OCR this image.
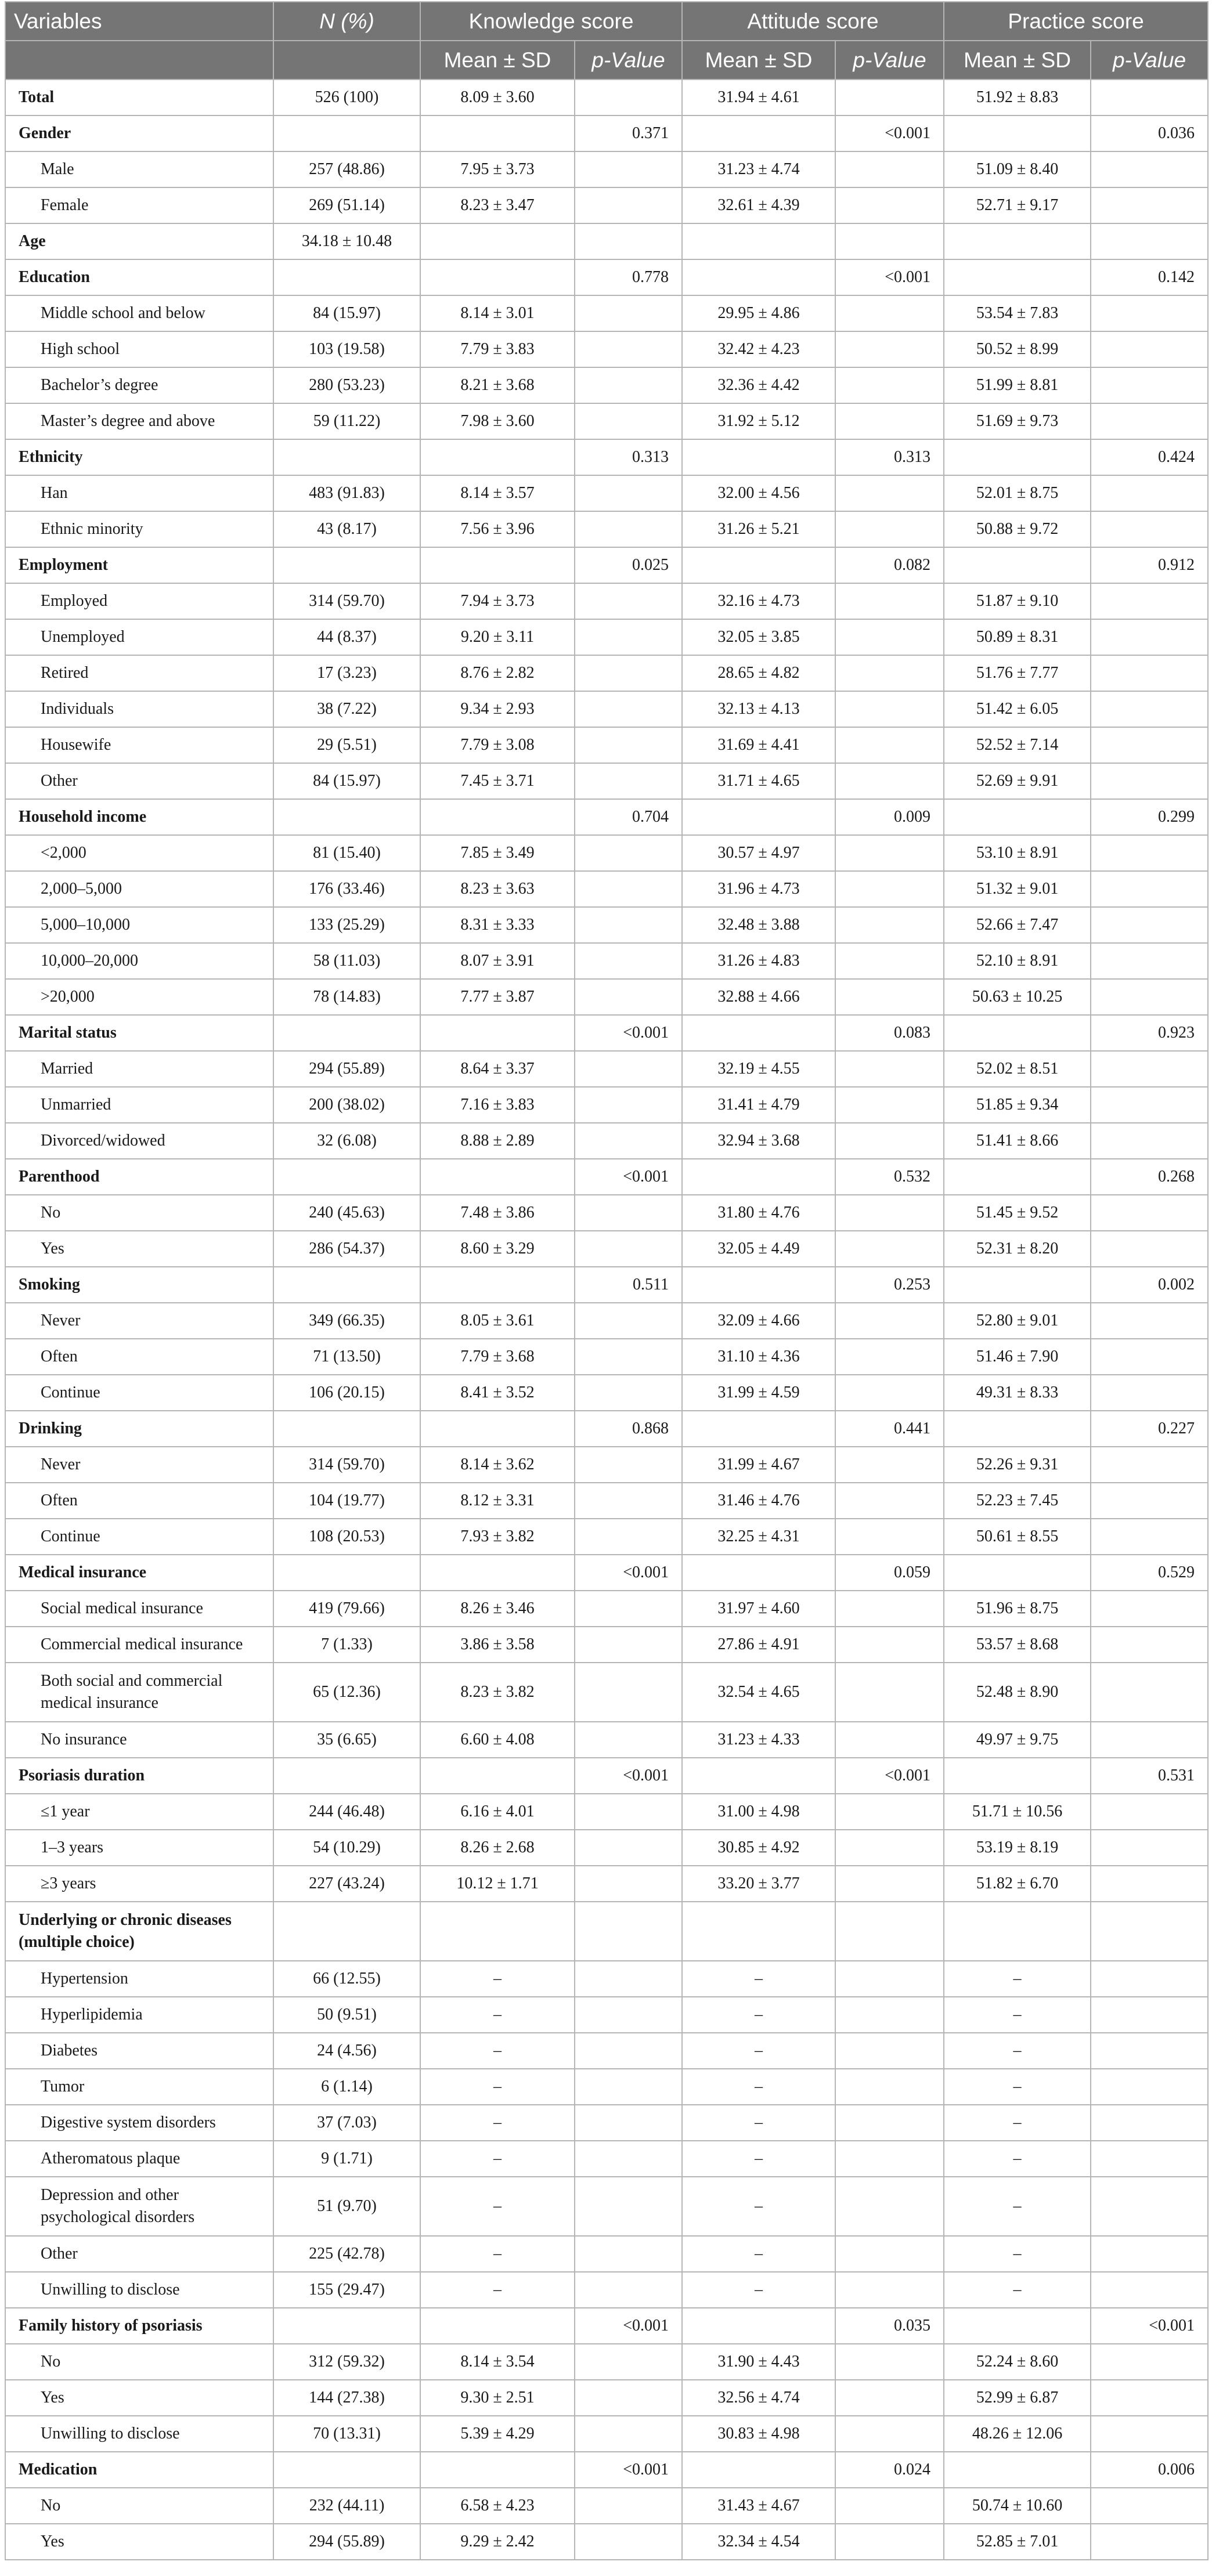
Variables	N (%)	Knowledge score		Attitude score		Practice score	
		Mean ± SD	p-Value	Mean ± SD	p-Value	Mean ± SD	p-Value
Total	526 (100)	8.09 ± 3.60		31.94 ± 4.61		51.92 ± 8.83	
Gender			0.371		<0.001		0.036
Male	257 (48.86)	7.95 ± 3.73		31.23 ± 4.74		51.09 ± 8.40	
Female	269 (51.14)	8.23 ± 3.47		32.61 ± 4.39		52.71 ± 9.17	
Age	34.18 ± 10.48						
Education			0.778		<0.001		0.142
Middle school and below	84 (15.97)	8.14 ± 3.01		29.95 ± 4.86		53.54 ± 7.83	
High school	103 (19.58)	7.79 ± 3.83		32.42 ± 4.23		50.52 ± 8.99	
Bachelor’s degree	280 (53.23)	8.21 ± 3.68		32.36 ± 4.42		51.99 ± 8.81	
Master’s degree and above	59 (11.22)	7.98 ± 3.60		31.92 ± 5.12		51.69 ± 9.73	
Ethnicity			0.313		0.313		0.424
Han	483 (91.83)	8.14 ± 3.57		32.00 ± 4.56		52.01 ± 8.75	
Ethnic minority	43 (8.17)	7.56 ± 3.96		31.26 ± 5.21		50.88 ± 9.72	
Employment			0.025		0.082		0.912
Employed	314 (59.70)	7.94 ± 3.73		32.16 ± 4.73		51.87 ± 9.10	
Unemployed	44 (8.37)	9.20 ± 3.11		32.05 ± 3.85		50.89 ± 8.31	
Retired	17 (3.23)	8.76 ± 2.82		28.65 ± 4.82		51.76 ± 7.77	
Individuals	38 (7.22)	9.34 ± 2.93		32.13 ± 4.13		51.42 ± 6.05	
Housewife	29 (5.51)	7.79 ± 3.08		31.69 ± 4.41		52.52 ± 7.14	
Other	84 (15.97)	7.45 ± 3.71		31.71 ± 4.65		52.69 ± 9.91	
Household income			0.704		0.009		0.299
<2,000	81 (15.40)	7.85 ± 3.49		30.57 ± 4.97		53.10 ± 8.91	
2,000–5,000	176 (33.46)	8.23 ± 3.63		31.96 ± 4.73		51.32 ± 9.01	
5,000–10,000	133 (25.29)	8.31 ± 3.33		32.48 ± 3.88		52.66 ± 7.47	
10,000–20,000	58 (11.03)	8.07 ± 3.91		31.26 ± 4.83		52.10 ± 8.91	
>20,000	78 (14.83)	7.77 ± 3.87		32.88 ± 4.66		50.63 ± 10.25	
Marital status			<0.001		0.083		0.923
Married	294 (55.89)	8.64 ± 3.37		32.19 ± 4.55		52.02 ± 8.51	
Unmarried	200 (38.02)	7.16 ± 3.83		31.41 ± 4.79		51.85 ± 9.34	
Divorced/widowed	32 (6.08)	8.88 ± 2.89		32.94 ± 3.68		51.41 ± 8.66	
Parenthood			<0.001		0.532		0.268
No	240 (45.63)	7.48 ± 3.86		31.80 ± 4.76		51.45 ± 9.52	
Yes	286 (54.37)	8.60 ± 3.29		32.05 ± 4.49		52.31 ± 8.20	
Smoking			0.511		0.253		0.002
Never	349 (66.35)	8.05 ± 3.61		32.09 ± 4.66		52.80 ± 9.01	
Often	71 (13.50)	7.79 ± 3.68		31.10 ± 4.36		51.46 ± 7.90	
Continue	106 (20.15)	8.41 ± 3.52		31.99 ± 4.59		49.31 ± 8.33	
Drinking			0.868		0.441		0.227
Never	314 (59.70)	8.14 ± 3.62		31.99 ± 4.67		52.26 ± 9.31	
Often	104 (19.77)	8.12 ± 3.31		31.46 ± 4.76		52.23 ± 7.45	
Continue	108 (20.53)	7.93 ± 3.82		32.25 ± 4.31		50.61 ± 8.55	
Medical insurance			<0.001		0.059		0.529
Social medical insurance	419 (79.66)	8.26 ± 3.46		31.97 ± 4.60		51.96 ± 8.75	
Commercial medical insurance	7 (1.33)	3.86 ± 3.58		27.86 ± 4.91		53.57 ± 8.68	
Both social and commercial medical insurance	65 (12.36)	8.23 ± 3.82		32.54 ± 4.65		52.48 ± 8.90	
No insurance	35 (6.65)	6.60 ± 4.08		31.23 ± 4.33		49.97 ± 9.75	
Psoriasis duration			<0.001		<0.001		0.531
≤1 year	244 (46.48)	6.16 ± 4.01		31.00 ± 4.98		51.71 ± 10.56	
1–3 years	54 (10.29)	8.26 ± 2.68		30.85 ± 4.92		53.19 ± 8.19	
≥3 years	227 (43.24)	10.12 ± 1.71		33.20 ± 3.77		51.82 ± 6.70	
Underlying or chronic diseases (multiple choice)							
Hypertension	66 (12.55)	–		–		–	
Hyperlipidemia	50 (9.51)	–		–		–	
Diabetes	24 (4.56)	–		–		–	
Tumor	6 (1.14)	–		–		–	
Digestive system disorders	37 (7.03)	–		–		–	
Atheromatous plaque	9 (1.71)	–		–		–	
Depression and other psychological disorders	51 (9.70)	–		–		–	
Other	225 (42.78)	–		–		–	
Unwilling to disclose	155 (29.47)	–		–		–	
Family history of psoriasis			<0.001		0.035		<0.001
No	312 (59.32)	8.14 ± 3.54		31.90 ± 4.43		52.24 ± 8.60	
Yes	144 (27.38)	9.30 ± 2.51		32.56 ± 4.74		52.99 ± 6.87	
Unwilling to disclose	70 (13.31)	5.39 ± 4.29		30.83 ± 4.98		48.26 ± 12.06	
Medication			<0.001		0.024		0.006
No	232 (44.11)	6.58 ± 4.23		31.43 ± 4.67		50.74 ± 10.60	
Yes	294 (55.89)	9.29 ± 2.42		32.34 ± 4.54		52.85 ± 7.01	
